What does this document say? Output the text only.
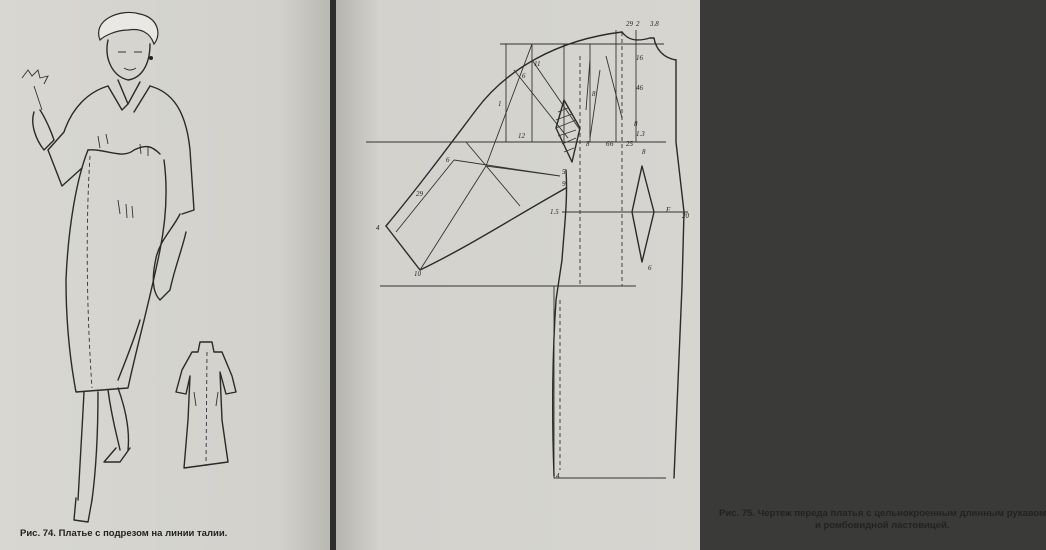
Рис. 74. Платье с подрезом на линии талии.
29 2 3.8
16
11
6
46
8
1
12
8 6
1.3
6 25
8
6
5
29
9
4
10
8
1.5	F
20
6
4
Рис. 75. Чертеж переда платья с цельнокроенным длинным рукавом
и ромбовидной ластовицей.
